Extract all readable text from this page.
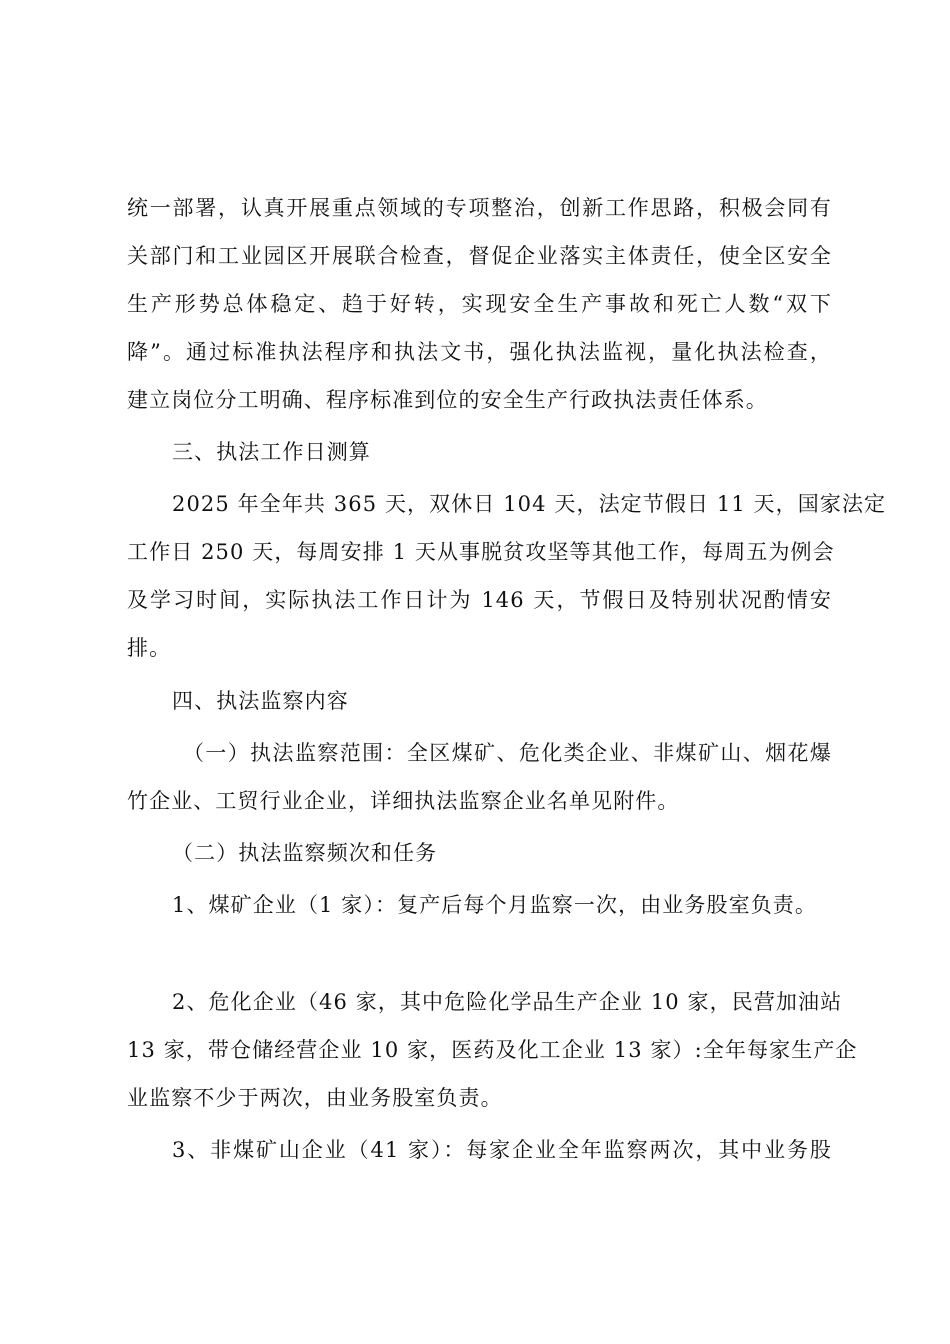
统一部署，认真开展重点领域的专项整治，创新工作思路，积极会同有
关部门和工业园区开展联合检查，督促企业落实主体责任，使全区安全
生产形势总体稳定、趋于好转，实现安全生产事故和死亡人数“双下
降”。通过标准执法程序和执法文书，强化执法监视，量化执法检查，
建立岗位分工明确、程序标准到位的安全生产行政执法责任体系。
三、执法工作日测算
2025 年全年共 365 天，双休日 104 天，法定节假日 11 天，国家法定
工作日 250 天，每周安排 1 天从事脱贫攻坚等其他工作，每周五为例会
及学习时间，实际执法工作日计为 146 天，节假日及特别状况酌情安
排。
四、执法监察内容
（一）执法监察范围：全区煤矿、危化类企业、非煤矿山、烟花爆
竹企业、工贸行业企业，详细执法监察企业名单见附件。
（二）执法监察频次和任务
1、煤矿企业（1 家）：复产后每个月监察一次，由业务股室负责。
2、危化企业（46 家，其中危险化学品生产企业 10 家，民营加油站
13 家，带仓储经营企业 10 家，医药及化工企业 13 家）:全年每家生产企
业监察不少于两次，由业务股室负责。
3、非煤矿山企业（41 家）：每家企业全年监察两次，其中业务股
